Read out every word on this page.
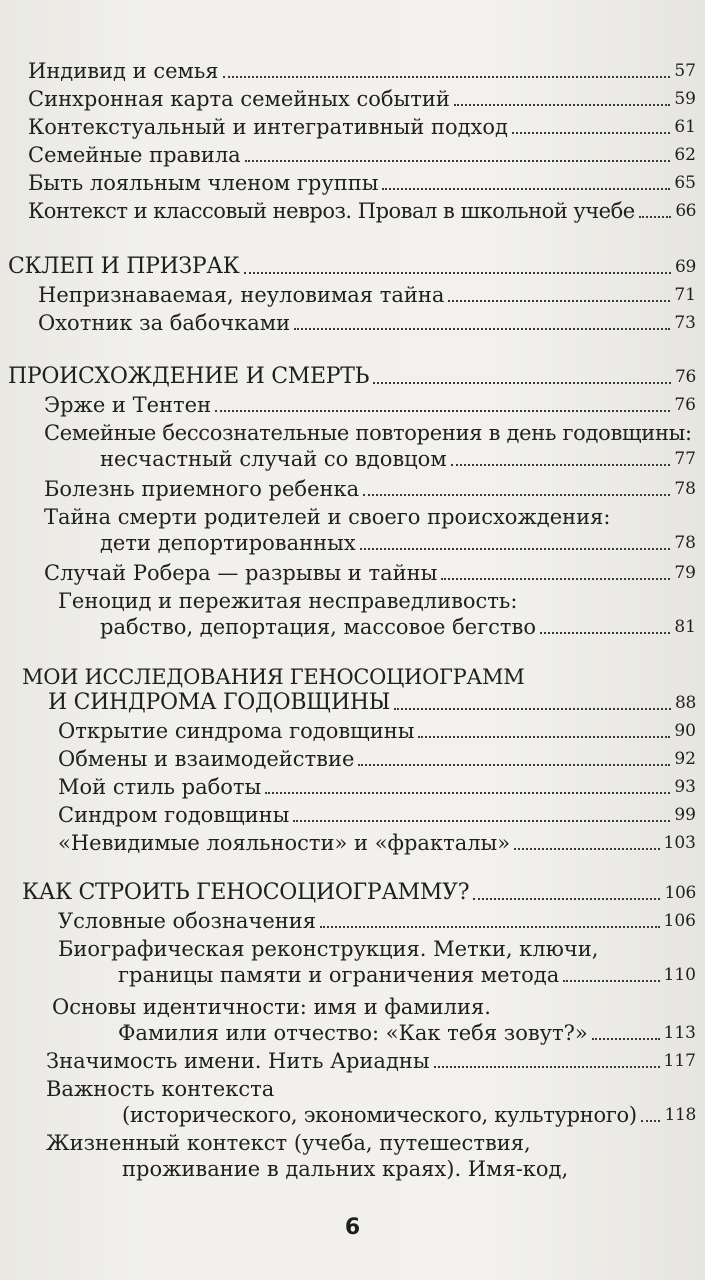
Индивид и семья	57
Синхронная карта семейных событий	59
Контекстуальный и интегративный подход	61
Семейные правила	62
Быть лояльным членом группы	65
Контекст и классовый невроз. Провал в школьной учебе 66
СКЛЕП И ПРИЗРАК	69
Непризнаваемая, неуловимая тайна	71
Охотник за бабочками	73
ПРОИСХОЖДЕНИЕ И СМЕРТЬ	76
Эрже и Тентен	76
Семейные бессознательные повторения в день годовщины:
несчастный случай со вдовцом	77
Болезнь приемного ребенка	78
Тайна смерти родителей и своего происхождения:
дети депортированных	78
Случай Робера — разрывы и тайны	79
Геноцид и пережитая несправедливость:
рабство, депортация, массовое бегство	81
МОИ ИССЛЕДОВАНИЯ ГЕНОСОЦИОГРАММ
И СИНДРОМА ГОДОВЩИНЫ	88
Открытие синдрома годовщины	90
Обмены и взаимодействие	92
Мой стиль работы	93
Синдром годовщины	99
«Невидимые лояльности» и «фракталы»	103
КАК СТРОИТЬ ГЕНОСОЦИОГРАММУ?	106
Условные обозначения	106
Биографическая реконструкция. Метки, ключи,
границы памяти и ограничения метода	110
Основы идентичности: имя и фамилия.
Фамилия или отчество: «Как тебя зовут?»	113
Значимость имени. Нить Ариадны	117
Важность контекста
(исторического, экономического, культурного) 118
Жизненный контекст (учеба, путешествия,
проживание в дальних краях). Имя-код,
6
